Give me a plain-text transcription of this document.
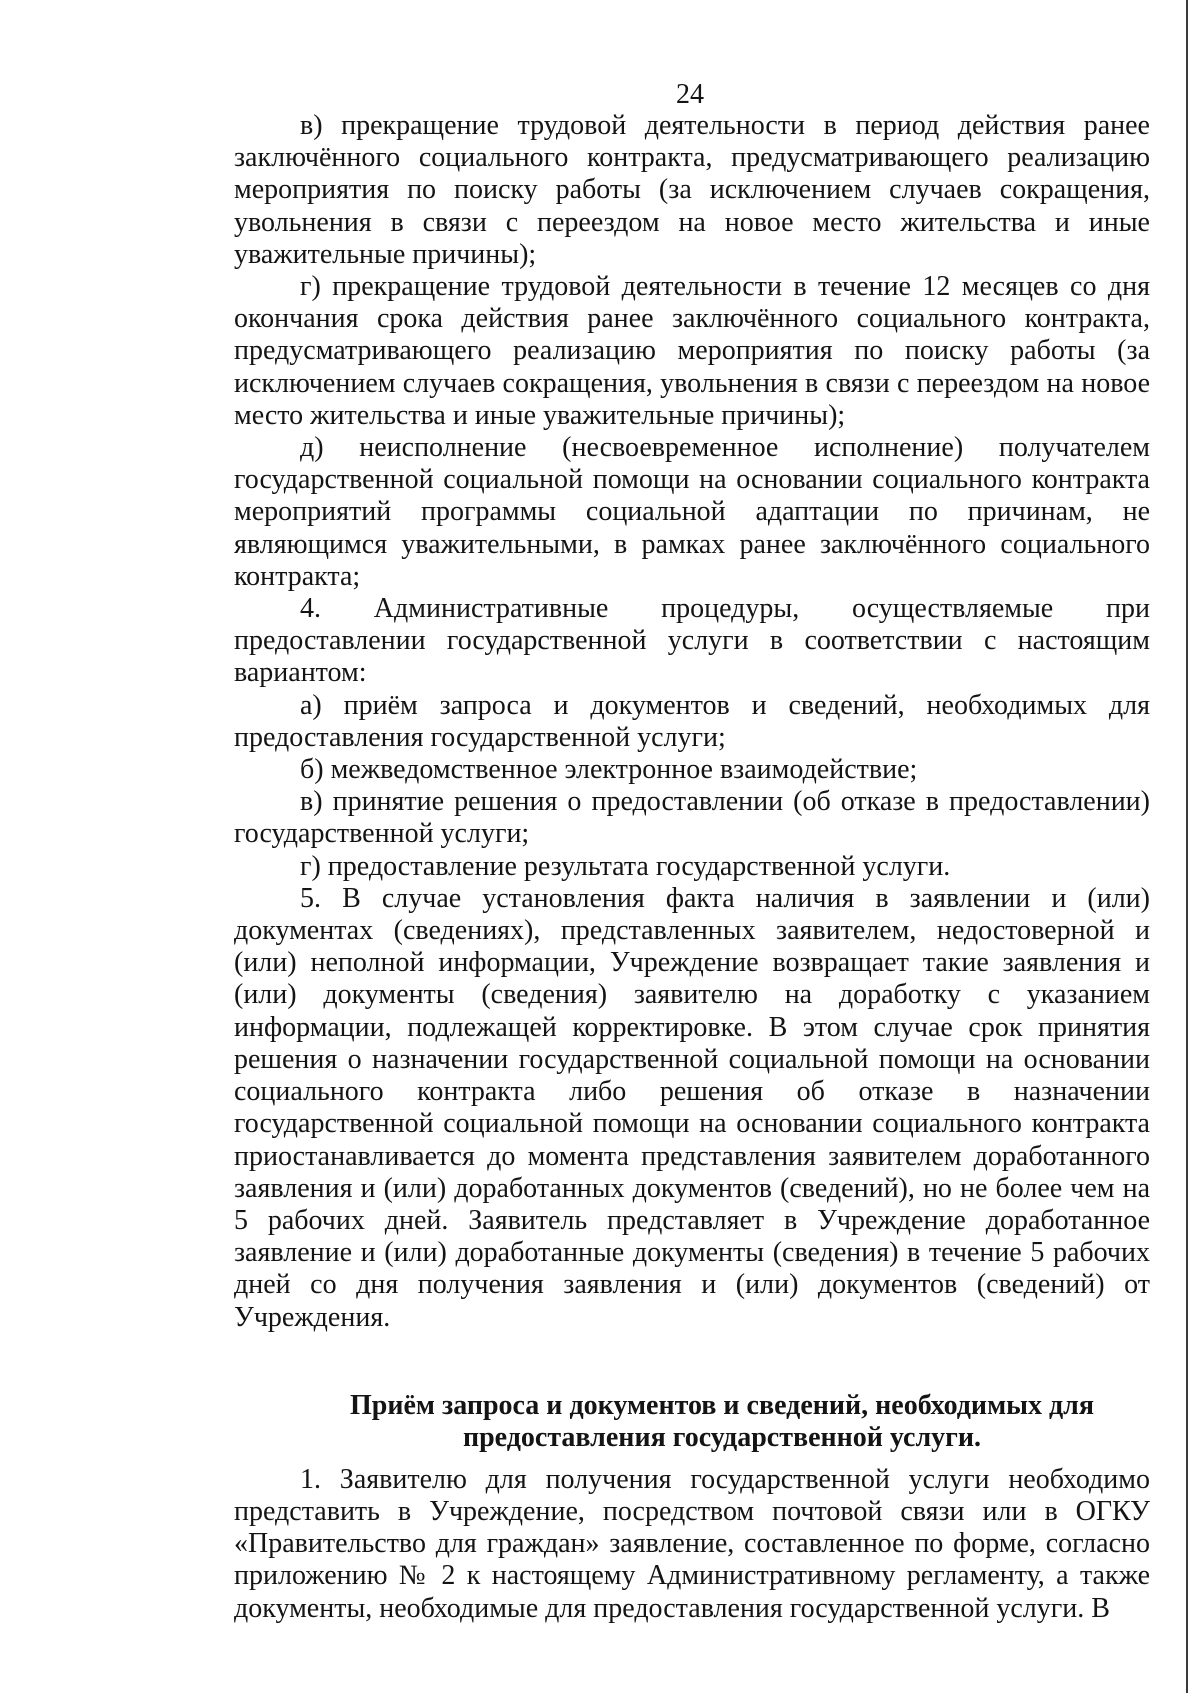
24

в) прекращение трудовой деятельности в период действия ранее заключённого социального контракта, предусматривающего реализацию мероприятия по поиску работы (за исключением случаев сокращения, увольнения в связи с переездом на новое место жительства и иные уважительные причины);

г) прекращение трудовой деятельности в течение 12 месяцев со дня окончания срока действия ранее заключённого социального контракта, предусматривающего реализацию мероприятия по поиску работы (за исключением случаев сокращения, увольнения в связи с переездом на новое место жительства и иные уважительные причины);

д) неисполнение (несвоевременное исполнение) получателем государственной социальной помощи на основании социального контракта мероприятий программы социальной адаптации по причинам, не являющимся уважительными, в рамках ранее заключённого социального контракта;

4. Административные процедуры, осуществляемые при предоставлении государственной услуги в соответствии с настоящим вариантом:

а) приём запроса и документов и сведений, необходимых для предоставления государственной услуги;

б) межведомственное электронное взаимодействие;

в) принятие решения о предоставлении (об отказе в предоставлении) государственной услуги;

г) предоставление результата государственной услуги.

5. В случае установления факта наличия в заявлении и (или) документах (сведениях), представленных заявителем, недостоверной и (или) неполной информации, Учреждение возвращает такие заявления и (или) документы (сведения) заявителю на доработку с указанием информации, подлежащей корректировке. В этом случае срок принятия решения о назначении государственной социальной помощи на основании социального контракта либо решения об отказе в назначении государственной социальной помощи на основании социального контракта приостанавливается до момента представления заявителем доработанного заявления и (или) доработанных документов (сведений), но не более чем на 5 рабочих дней. Заявитель представляет в Учреждение доработанное заявление и (или) доработанные документы (сведения) в течение 5 рабочих дней со дня получения заявления и (или) документов (сведений) от Учреждения.

Приём запроса и документов и сведений, необходимых для
предоставления государственной услуги.

1. Заявителю для получения государственной услуги необходимо представить в Учреждение, посредством почтовой связи или в ОГКУ «Правительство для граждан» заявление, составленное по форме, согласно приложению № 2 к настоящему Административному регламенту, а также документы, необходимые для предоставления государственной услуги. В
